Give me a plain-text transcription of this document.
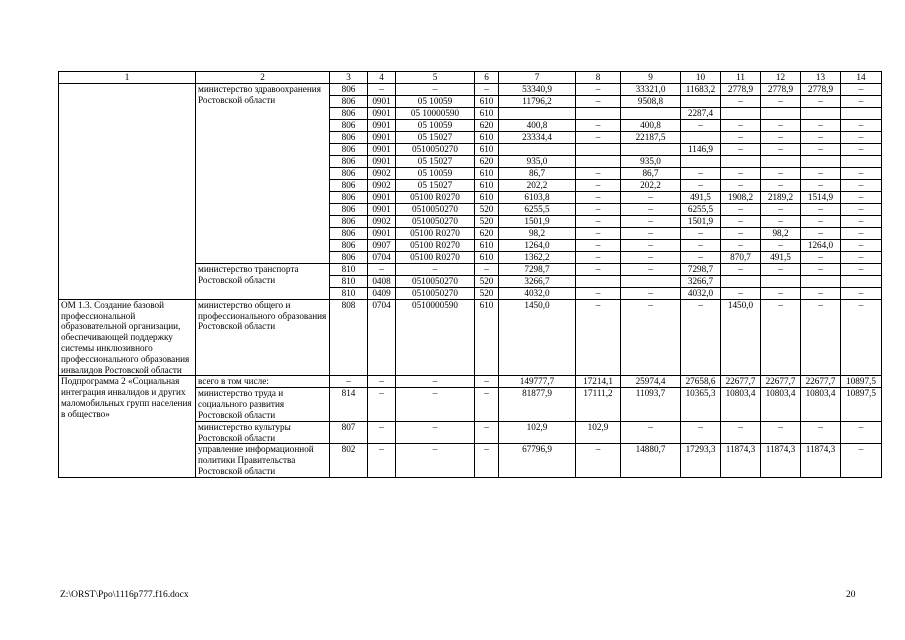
1	2	3	4	5	6	7	8	9	10	11	12	13	14
	министерство здравоохранения Ростовской области	806	–	–	–	53340,9	–	33321,0	11683,2	2778,9	2778,9	2778,9	–
		806	0901	05 10059	610	11796,2	–	9508,8		–	–	–	–
		806	0901	05 10000590	610				2287,4				
		806	0901	05 10059	620	400,8	–	400,8	–	–	–	–	–
		806	0901	05 15027	610	23334,4	–	22187,5		–	–	–	–
		806	0901	0510050270	610				1146,9	–	–	–	–
		806	0901	05 15027	620	935,0		935,0					
		806	0902	05 10059	610	86,7	–	86,7	–	–	–	–	–
		806	0902	05 15027	610	202,2	–	202,2	–	–	–	–	–
		806	0901	05100 R0270	610	6103,8	–	–	491,5	1908,2	2189,2	1514,9	–
		806	0901	0510050270	520	6255,5	–	–	6255,5	–	–	–	–
		806	0902	0510050270	520	1501,9	–	–	1501,9	–	–	–	–
		806	0901	05100 R0270	620	98,2	–	–	–	–	98,2	–	–
		806	0907	05100 R0270	610	1264,0	–	–	–	–	–	1264,0	–
		806	0704	05100 R0270	610	1362,2	–	–	–	870,7	491,5	–	–
	министерство транспорта Ростовской области	810	–	–	–	7298,7	–	–	7298,7	–	–	–	–
		810	0408	0510050270	520	3266,7			3266,7				
		810	0409	0510050270	520	4032,0	–	–	4032,0	–	–	–	–
ОМ 1.3. Создание базовой профессиональной образовательной организации, обеспечивающей поддержку системы инклюзивного профессионального образования инвалидов Ростовской области	министерство общего и профессионального образования Ростовской области	808	0704	0510000590	610	1450,0	–	–	–	1450,0	–	–	–
Подпрограмма 2 «Социальная интеграция инвалидов и других маломобильных групп населения в общество»	всего в том числе:	–	–	–	–	149777,7	17214,1	25974,4	27658,6	22677,7	22677,7	22677,7	10897,5
	министерство труда и социального развития Ростовской области	814	–	–	–	81877,9	17111,2	11093,7	10365,3	10803,4	10803,4	10803,4	10897,5
	министерство культуры Ростовской области	807	–	–	–	102,9	102,9	–	–	–	–	–	–
	управление информационной политики Правительства Ростовской области	802	–	–	–	67796,9	–	14880,7	17293,3	11874,3	11874,3	11874,3	–
Z:\ORST\Ppo\1116p777.f16.docx	20
